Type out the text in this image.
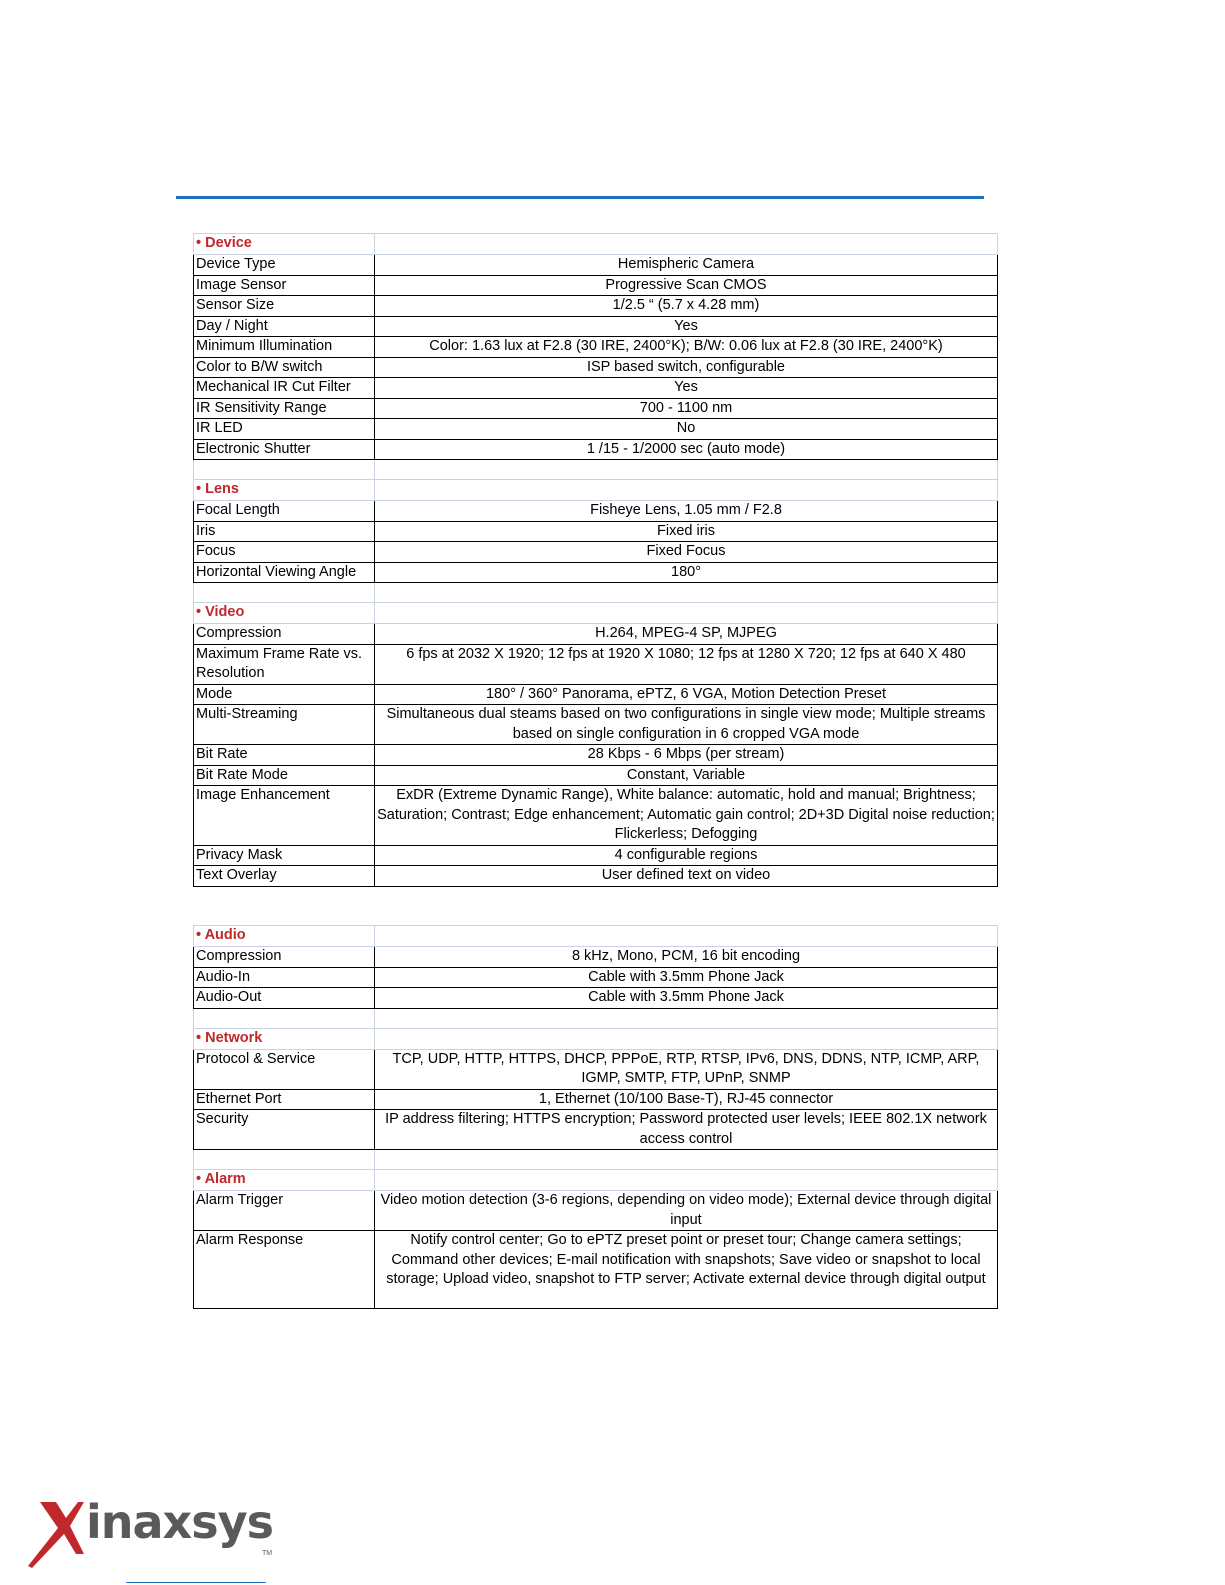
• Device	
Device Type	Hemispheric Camera
Image Sensor	Progressive Scan CMOS
Sensor Size	1/2.5 “ (5.7 x 4.28 mm)
Day / Night	Yes
Minimum Illumination	Color: 1.63 lux at F2.8 (30 IRE, 2400°K); B/W: 0.06 lux at F2.8 (30 IRE, 2400°K)
Color to B/W switch	ISP based switch, configurable
Mechanical IR Cut Filter	Yes
IR Sensitivity Range	700 - 1100 nm
IR LED	No
Electronic Shutter	1 /15 - 1/2000 sec (auto mode)

• Lens	
Focal Length	Fisheye Lens, 1.05 mm / F2.8
Iris	Fixed iris
Focus	Fixed Focus
Horizontal Viewing Angle	180°

• Video	
Compression	H.264, MPEG-4 SP, MJPEG
Maximum Frame Rate vs. Resolution	6 fps at 2032 X 1920; 12 fps at 1920 X 1080; 12 fps at 1280 X 720; 12 fps at 640 X 480
Mode	180° / 360° Panorama, ePTZ, 6 VGA, Motion Detection Preset
Multi-Streaming	Simultaneous dual steams based on two configurations in single view mode; Multiple streams based on single configuration in 6 cropped VGA mode
Bit Rate	28 Kbps - 6 Mbps (per stream)
Bit Rate Mode	Constant, Variable
Image Enhancement	ExDR (Extreme Dynamic Range), White balance: automatic, hold and manual; Brightness; Saturation; Contrast; Edge enhancement; Automatic gain control; 2D+3D Digital noise reduction; Flickerless; Defogging
Privacy Mask	4 configurable regions
Text Overlay	User defined text on video
• Audio	
Compression	8 kHz, Mono, PCM, 16 bit encoding
Audio-In	Cable with 3.5mm Phone Jack
Audio-Out	Cable with 3.5mm Phone Jack

• Network	
Protocol & Service	TCP, UDP, HTTP, HTTPS, DHCP, PPPoE, RTP, RTSP, IPv6, DNS, DDNS, NTP, ICMP, ARP, IGMP, SMTP, FTP, UPnP, SNMP
Ethernet Port	1, Ethernet (10/100 Base-T), RJ-45 connector
Security	IP address filtering; HTTPS encryption; Password protected user levels; IEEE 802.1X network access control

• Alarm	
Alarm Trigger	Video motion detection (3-6 regions, depending on video mode); External device through digital input
Alarm Response	Notify control center; Go to ePTZ preset point or preset tour; Change camera settings; Command other devices; E-mail notification with snapshots; Save video or snapshot to local storage; Upload video, snapshot to FTP server; Activate external device through digital output
inaxsys
TM
